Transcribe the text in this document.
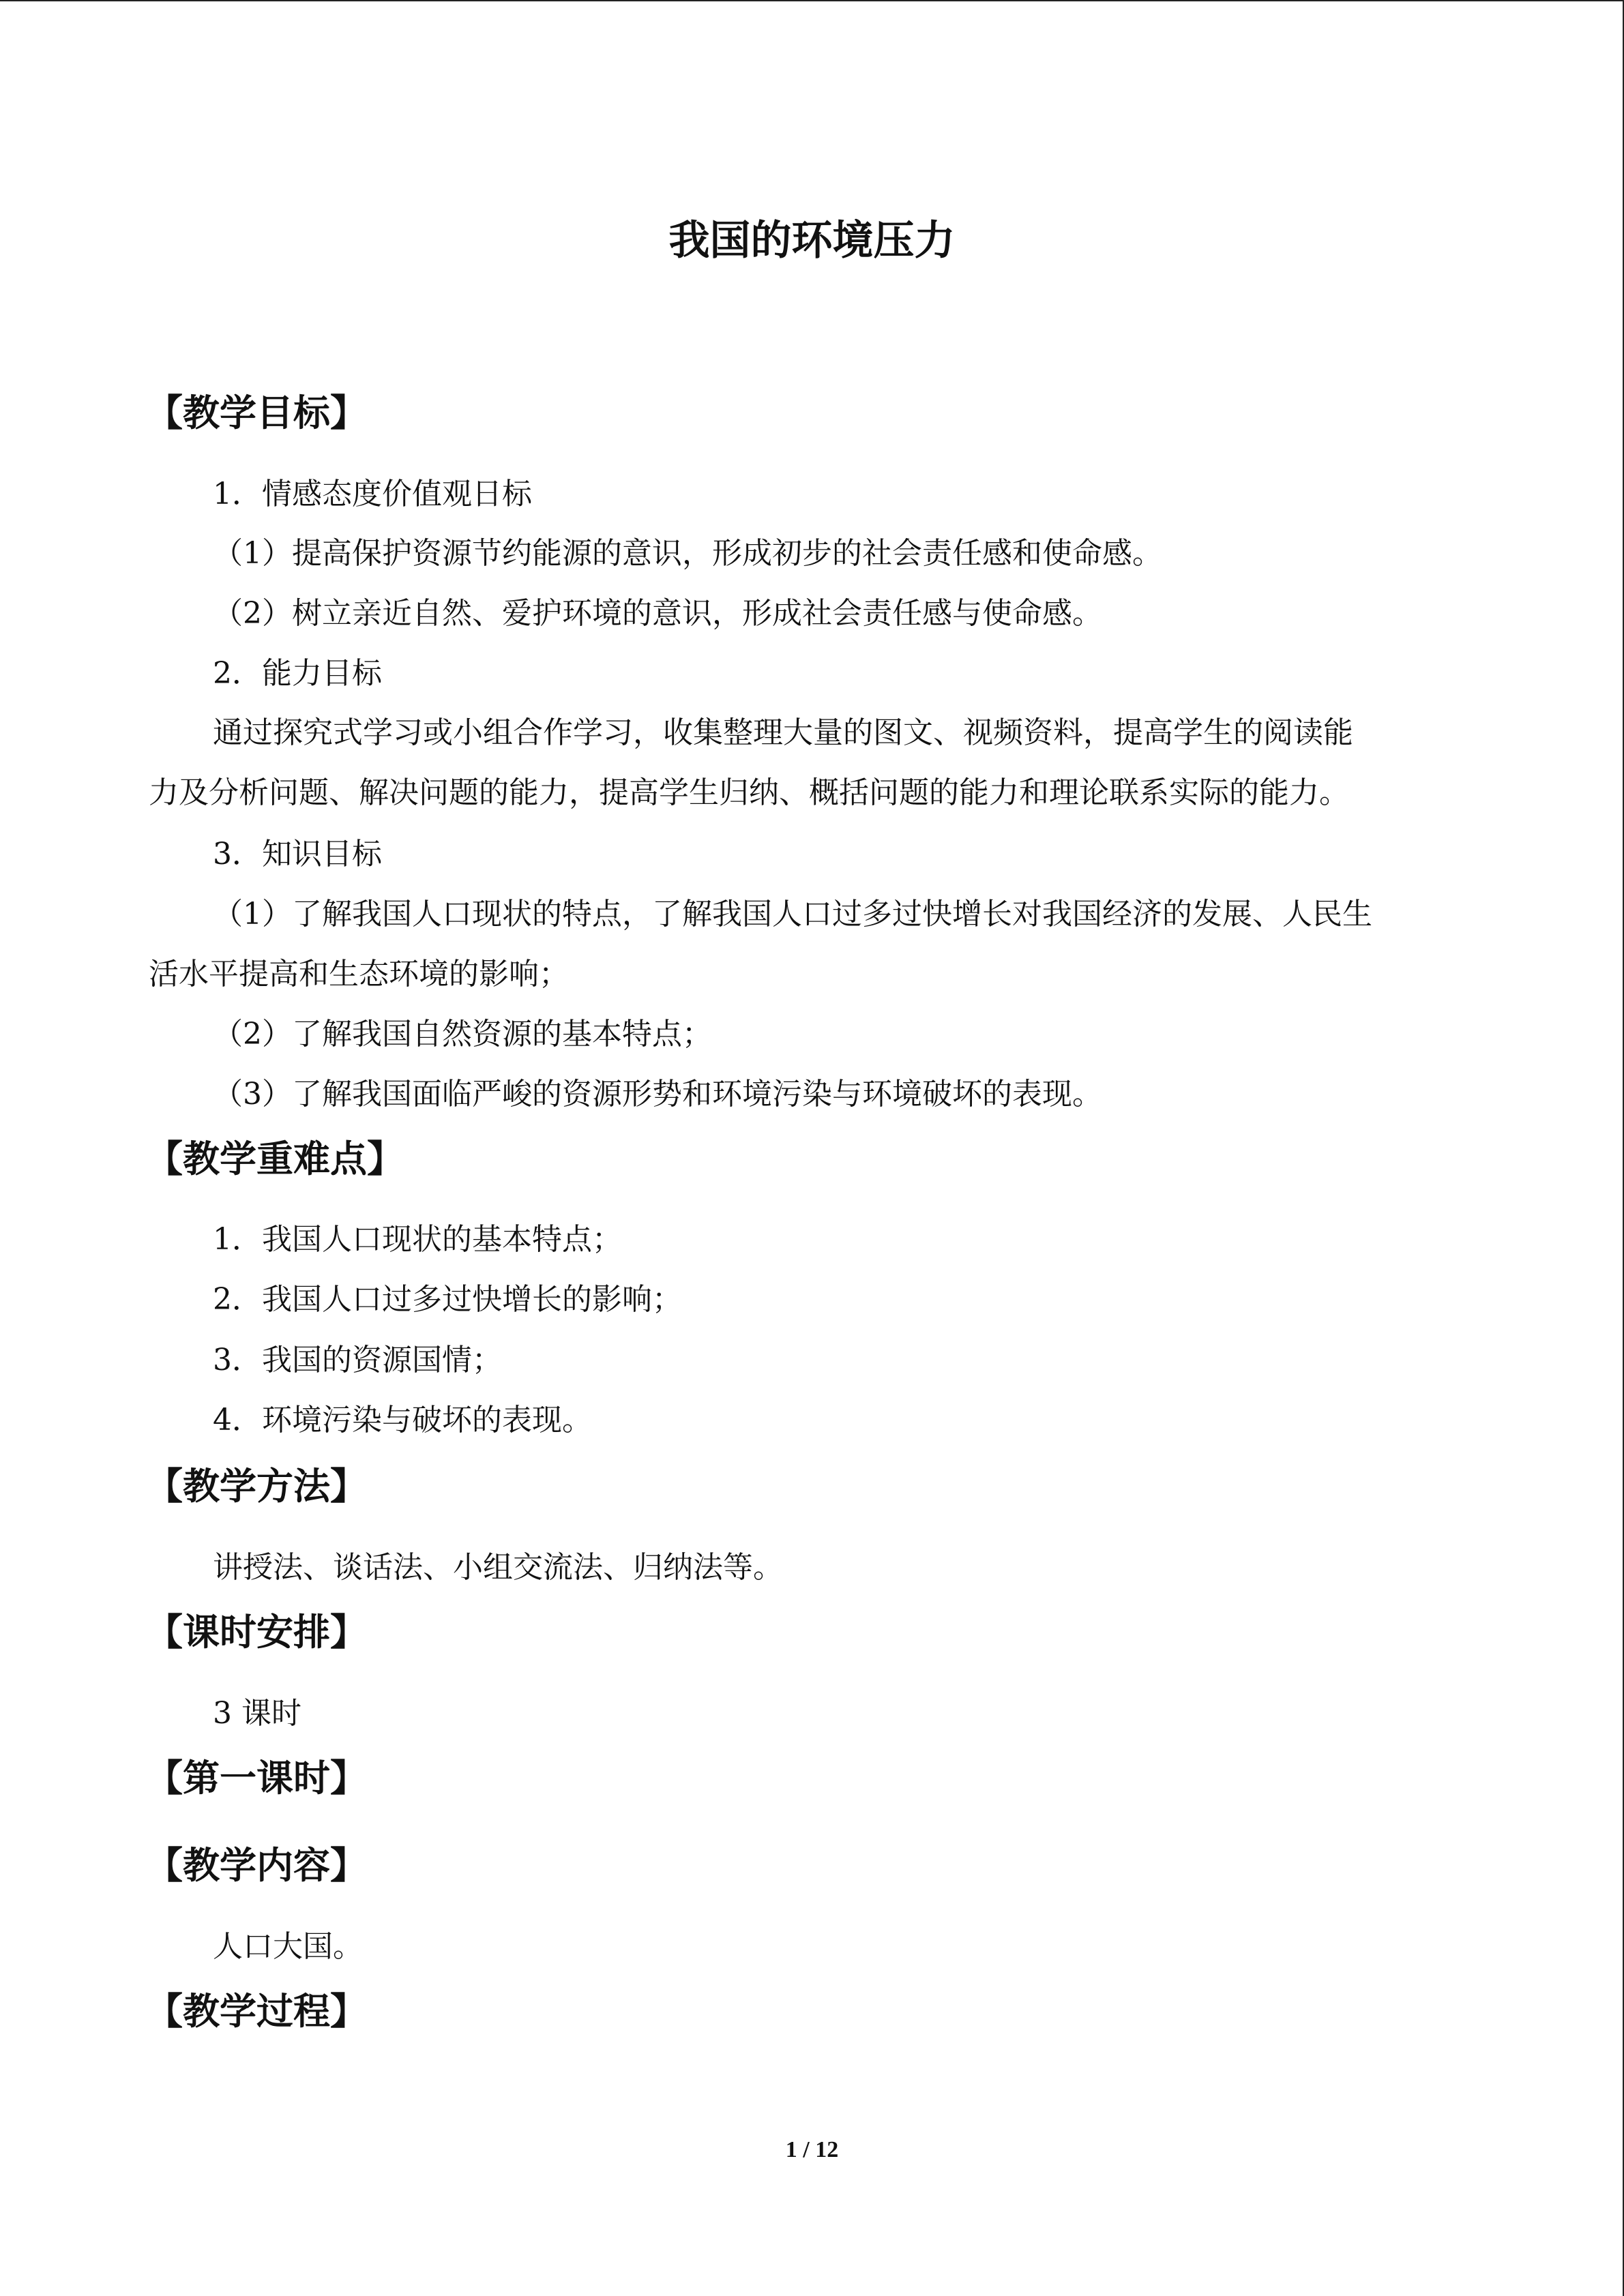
我国的环境压力
【教学目标】
1．情感态度价值观日标
（1）提高保护资源节约能源的意识，形成初步的社会责任感和使命感。
（2）树立亲近自然、爱护环境的意识，形成社会责任感与使命感。
2．能力目标
通过探究式学习或小组合作学习，收集整理大量的图文、视频资料，提高学生的阅读能
力及分析问题、解决问题的能力，提高学生归纳、概括问题的能力和理论联系实际的能力。
3．知识目标
（1）了解我国人口现状的特点，了解我国人口过多过快增长对我国经济的发展、人民生
活水平提高和生态环境的影响；
（2）了解我国自然资源的基本特点；
（3）了解我国面临严峻的资源形势和环境污染与环境破坏的表现。
【教学重难点】
1．我国人口现状的基本特点；
2．我国人口过多过快增长的影响；
3．我国的资源国情；
4．环境污染与破坏的表现。
【教学方法】
讲授法、谈话法、小组交流法、归纳法等。
【课时安排】
3 课时
【第一课时】
【教学内容】
人口大国。
【教学过程】
1 / 12
